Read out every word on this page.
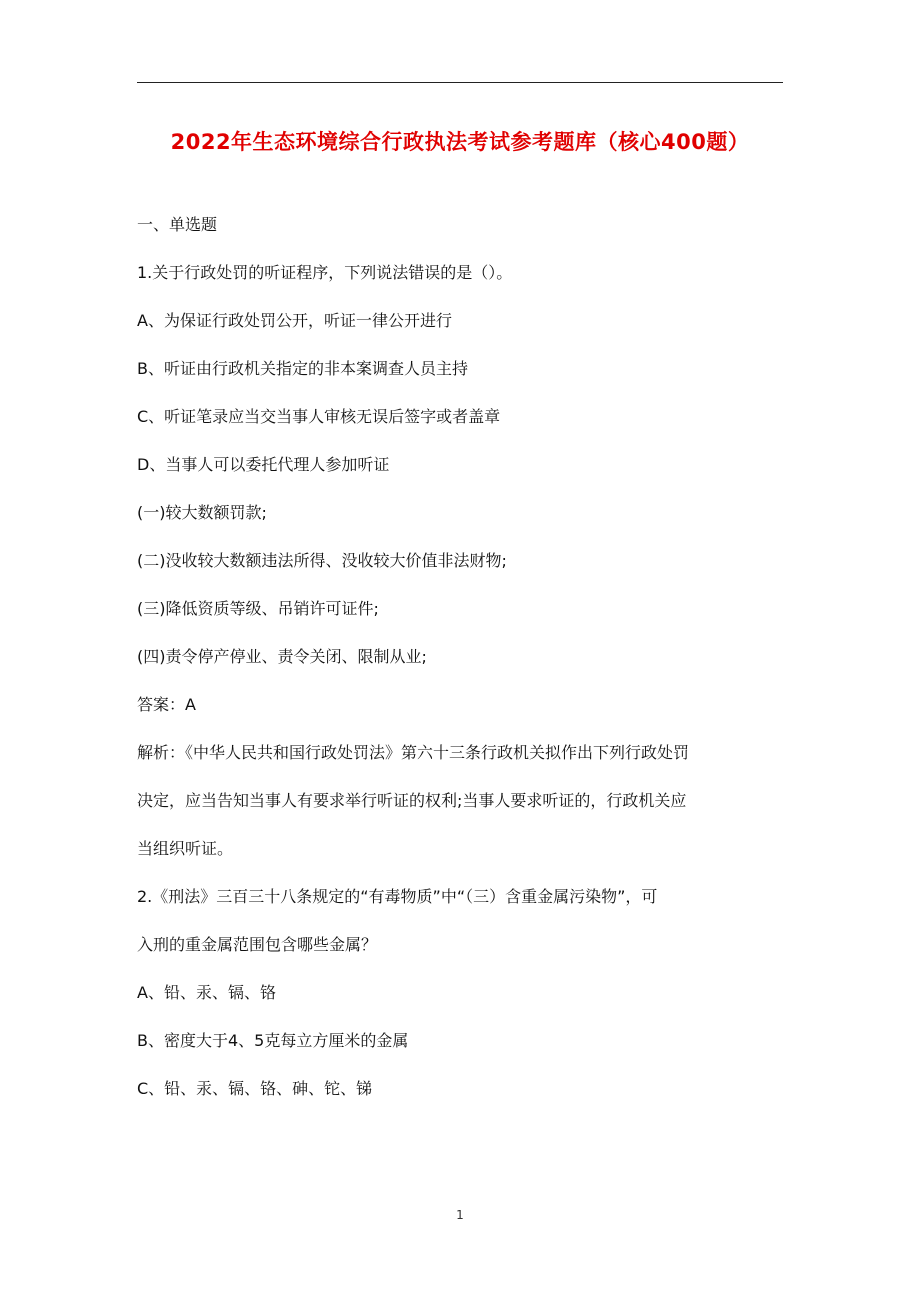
2022年生态环境综合行政执法考试参考题库（核心400题）
一、单选题
1.关于行政处罚的听证程序，下列说法错误的是（）。
A、为保证行政处罚公开，听证一律公开进行
B、听证由行政机关指定的非本案调查人员主持
C、听证笔录应当交当事人审核无误后签字或者盖章
D、当事人可以委托代理人参加听证
(一)较大数额罚款;
(二)没收较大数额违法所得、没收较大价值非法财物;
(三)降低资质等级、吊销许可证件;
(四)责令停产停业、责令关闭、限制从业;
答案：A
解析：《中华人民共和国行政处罚法》第六十三条行政机关拟作出下列行政处罚
决定，应当告知当事人有要求举行听证的权利;当事人要求听证的，行政机关应
当组织听证。
2.《刑法》三百三十八条规定的“有毒物质”中“（三）含重金属污染物”，可
入刑的重金属范围包含哪些金属？
A、铅、汞、镉、铬
B、密度大于4、5克每立方厘米的金属
C、铅、汞、镉、铬、砷、铊、锑
1
